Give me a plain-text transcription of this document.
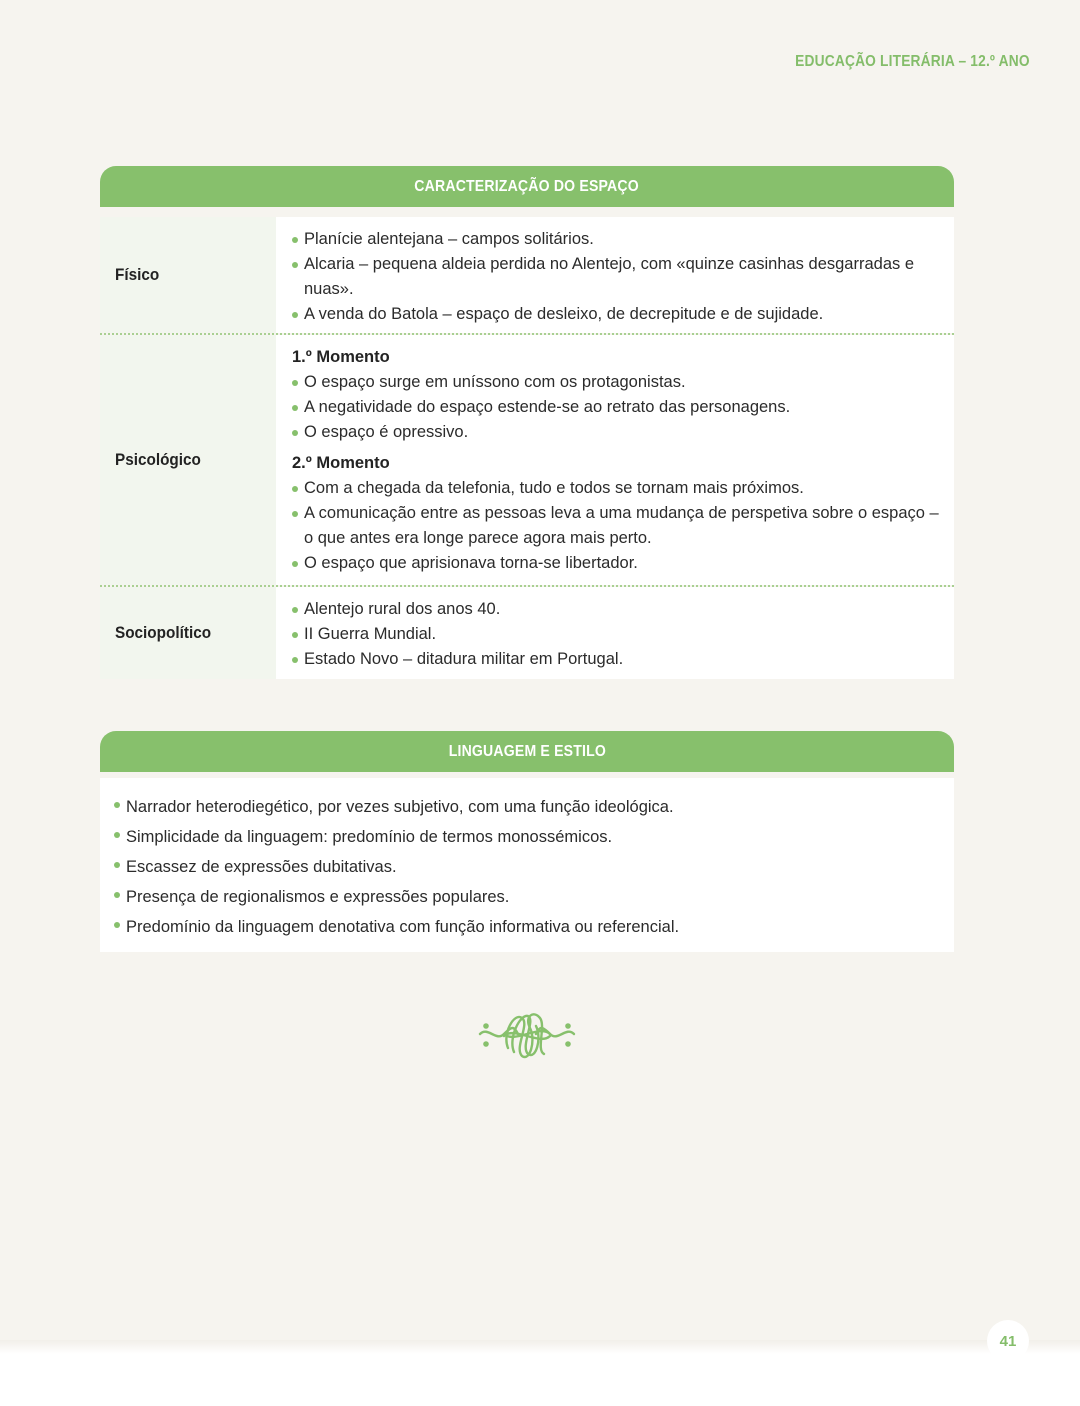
EDUCAÇÃO LITERÁRIA – 12.º ANO
CARACTERIZAÇÃO DO ESPAÇO
Físico
Planície alentejana – campos solitários.
Alcaria – pequena aldeia perdida no Alentejo, com «quinze casinhas desgarradas e nuas».
A venda do Batola – espaço de desleixo, de decrepitude e de sujidade.
Psicológico
1.º Momento
O espaço surge em uníssono com os protagonistas.
A negatividade do espaço estende-se ao retrato das personagens.
O espaço é opressivo.
2.º Momento
Com a chegada da telefonia, tudo e todos se tornam mais próximos.
A comunicação entre as pessoas leva a uma mudança de perspetiva sobre o espaço – o que antes era longe parece agora mais perto.
O espaço que aprisionava torna-se libertador.
Sociopolítico
Alentejo rural dos anos 40.
II Guerra Mundial.
Estado Novo – ditadura militar em Portugal.
LINGUAGEM E ESTILO
Narrador heterodiegético, por vezes subjetivo, com uma função ideológica.
Simplicidade da linguagem: predomínio de termos monossémicos.
Escassez de expressões dubitativas.
Presença de regionalismos e expressões populares.
Predomínio da linguagem denotativa com função informativa ou referencial.
41
